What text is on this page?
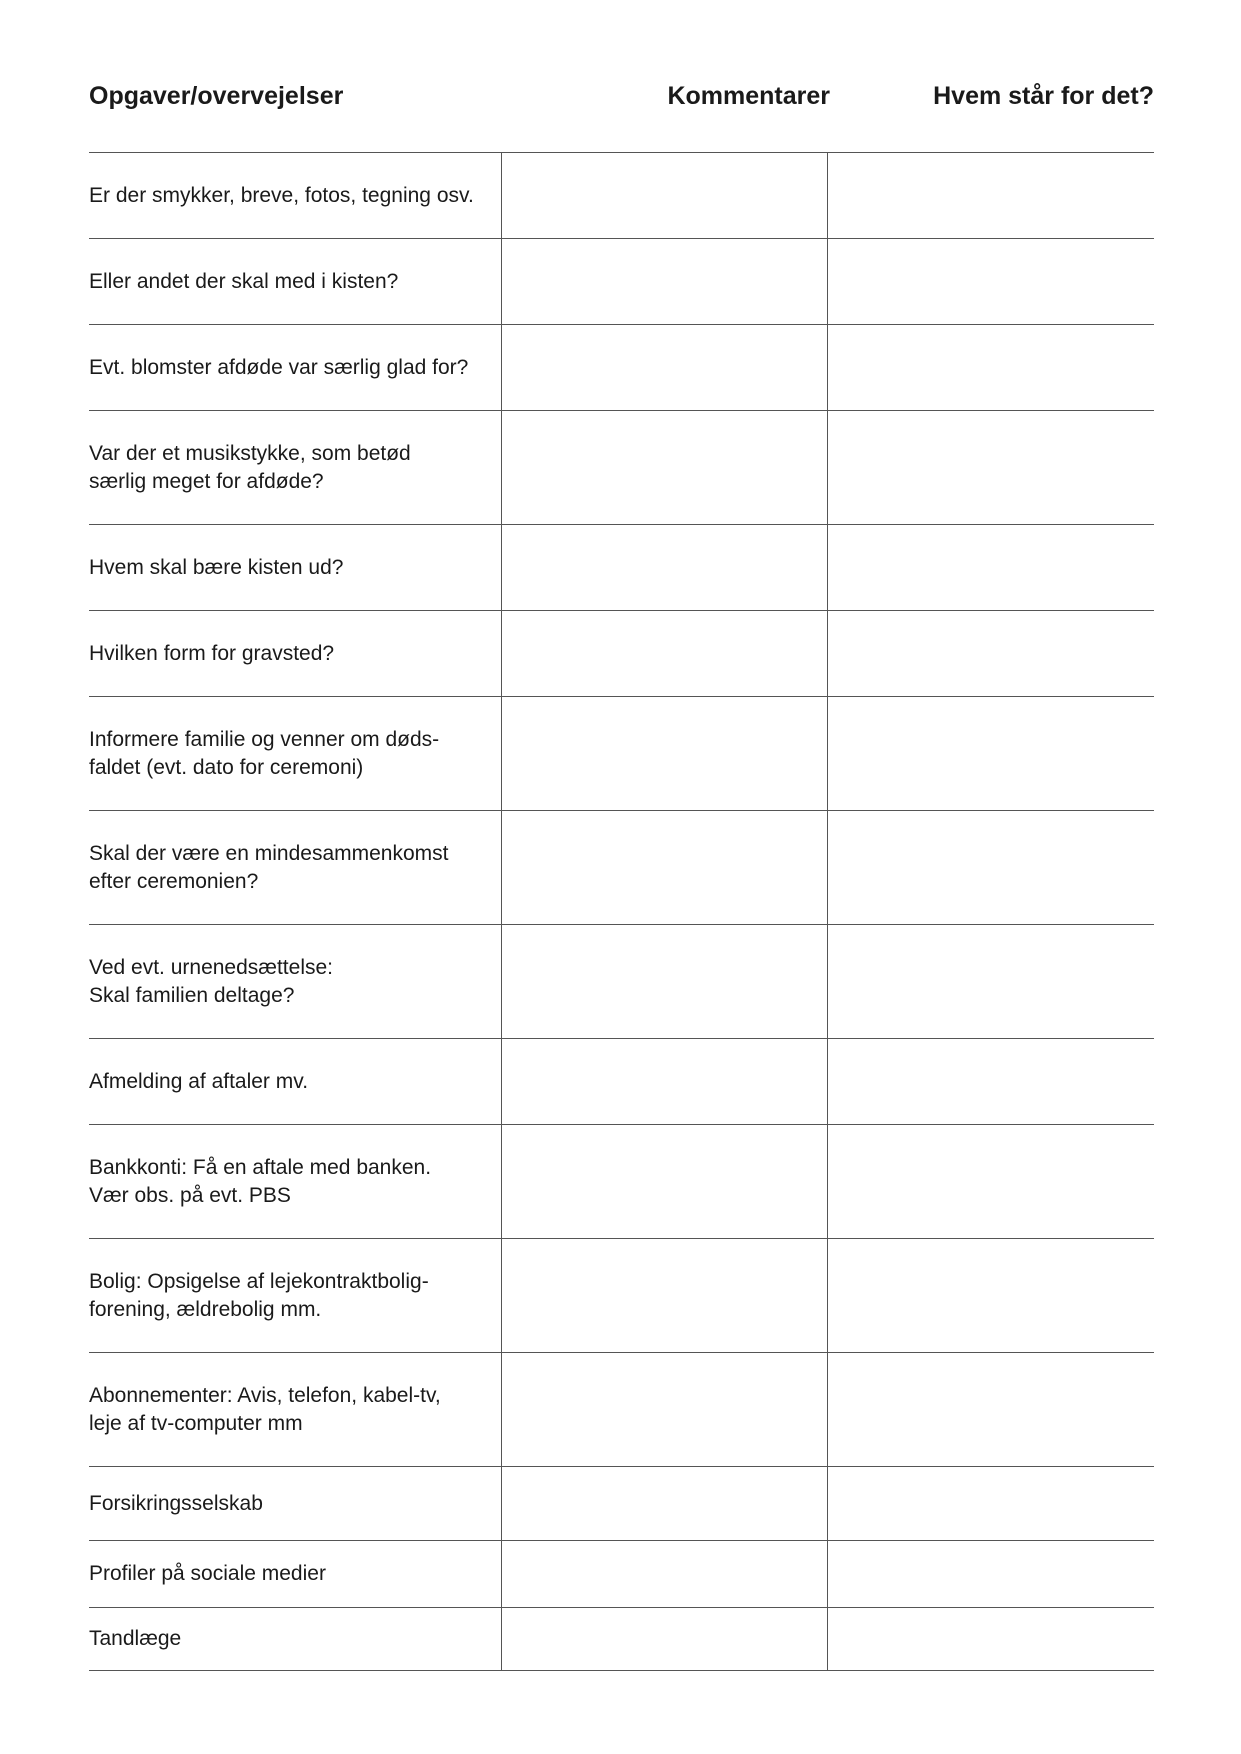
Opgaver/overvejelser	Kommentarer	Hvem står for det?
Er der smykker, breve, fotos, tegning osv.
Eller andet der skal med i kisten?
Evt. blomster afdøde var særlig glad for?
Var der et musikstykke, som betød
særlig meget for afdøde?
Hvem skal bære kisten ud?
Hvilken form for gravsted?
Informere familie og venner om døds-
faldet (evt. dato for ceremoni)
Skal der være en mindesammenkomst
efter ceremonien?
Ved evt. urnenedsættelse:
Skal familien deltage?
Afmelding af aftaler mv.
Bankkonti: Få en aftale med banken.
Vær obs. på evt. PBS
Bolig: Opsigelse af lejekontraktbolig-
forening, ældrebolig mm.
Abonnementer: Avis, telefon, kabel-tv,
leje af tv-computer mm
Forsikringsselskab
Profiler på sociale medier
Tandlæge
